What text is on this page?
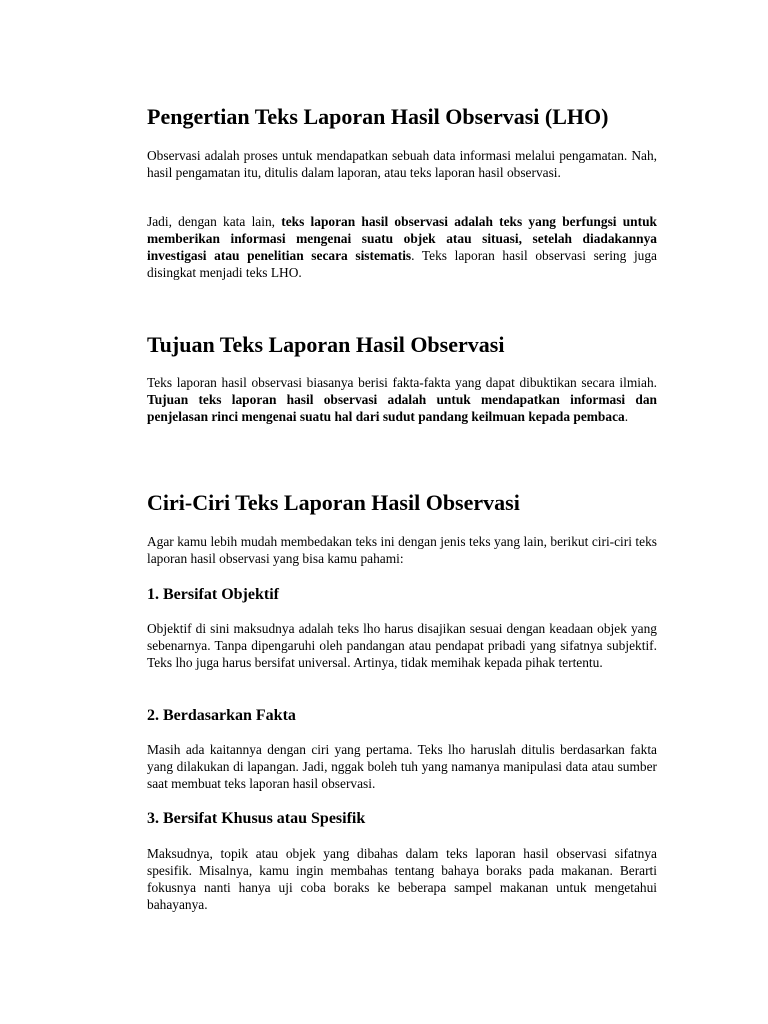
Pengertian Teks Laporan Hasil Observasi (LHO)

Observasi adalah proses untuk mendapatkan sebuah data informasi melalui pengamatan. Nah, hasil pengamatan itu, ditulis dalam laporan, atau teks laporan hasil observasi.

Jadi, dengan kata lain, teks laporan hasil observasi adalah teks yang berfungsi untuk memberikan informasi mengenai suatu objek atau situasi, setelah diadakannya investigasi atau penelitian secara sistematis. Teks laporan hasil observasi sering juga disingkat menjadi teks LHO.

Tujuan Teks Laporan Hasil Observasi

Teks laporan hasil observasi biasanya berisi fakta-fakta yang dapat dibuktikan secara ilmiah. Tujuan teks laporan hasil observasi adalah untuk mendapatkan informasi dan penjelasan rinci mengenai suatu hal dari sudut pandang keilmuan kepada pembaca.

Ciri-Ciri Teks Laporan Hasil Observasi

Agar kamu lebih mudah membedakan teks ini dengan jenis teks yang lain, berikut ciri-ciri teks laporan hasil observasi yang bisa kamu pahami:

1. Bersifat Objektif

Objektif di sini maksudnya adalah teks lho harus disajikan sesuai dengan keadaan objek yang sebenarnya. Tanpa dipengaruhi oleh pandangan atau pendapat pribadi yang sifatnya subjektif. Teks lho juga harus bersifat universal. Artinya, tidak memihak kepada pihak tertentu.

2. Berdasarkan Fakta

Masih ada kaitannya dengan ciri yang pertama. Teks lho haruslah ditulis berdasarkan fakta yang dilakukan di lapangan. Jadi, nggak boleh tuh yang namanya manipulasi data atau sumber saat membuat teks laporan hasil observasi.

3. Bersifat Khusus atau Spesifik

Maksudnya, topik atau objek yang dibahas dalam teks laporan hasil observasi sifatnya spesifik. Misalnya, kamu ingin membahas tentang bahaya boraks pada makanan. Berarti fokusnya nanti hanya uji coba boraks ke beberapa sampel makanan untuk mengetahui bahayanya.
